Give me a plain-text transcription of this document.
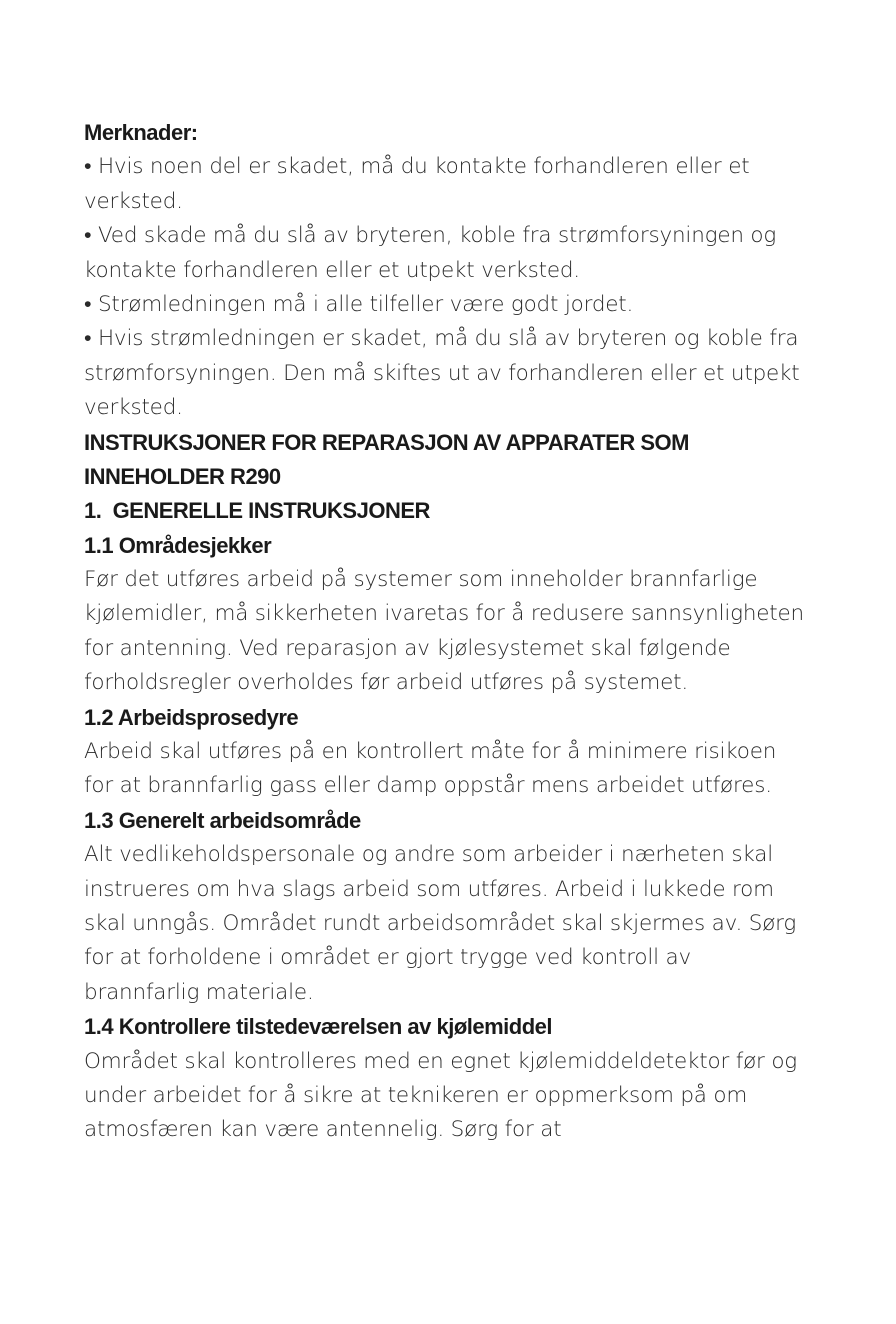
Merknader:
• Hvis noen del er skadet, må du kontakte forhandleren eller et
verksted.
• Ved skade må du slå av bryteren, koble fra strømforsyningen og
kontakte forhandleren eller et utpekt verksted.
• Strømledningen må i alle tilfeller være godt jordet.
• Hvis strømledningen er skadet, må du slå av bryteren og koble fra
strømforsyningen. Den må skiftes ut av forhandleren eller et utpekt
verksted.
INSTRUKSJONER FOR REPARASJON AV APPARATER SOM
INNEHOLDER R290
1.  GENERELLE INSTRUKSJONER
1.1 Områdesjekker
Før det utføres arbeid på systemer som inneholder brannfarlige
kjølemidler, må sikkerheten ivaretas for å redusere sannsynligheten
for antenning. Ved reparasjon av kjølesystemet skal følgende
forholdsregler overholdes før arbeid utføres på systemet.
1.2 Arbeidsprosedyre
Arbeid skal utføres på en kontrollert måte for å minimere risikoen
for at brannfarlig gass eller damp oppstår mens arbeidet utføres.
1.3 Generelt arbeidsområde
Alt vedlikeholdspersonale og andre som arbeider i nærheten skal
instrueres om hva slags arbeid som utføres. Arbeid i lukkede rom
skal unngås. Området rundt arbeidsområdet skal skjermes av. Sørg
for at forholdene i området er gjort trygge ved kontroll av
brannfarlig materiale.
1.4 Kontrollere tilstedeværelsen av kjølemiddel
Området skal kontrolleres med en egnet kjølemiddeldetektor før og
under arbeidet for å sikre at teknikeren er oppmerksom på om
atmosfæren kan være antennelig. Sørg for at
